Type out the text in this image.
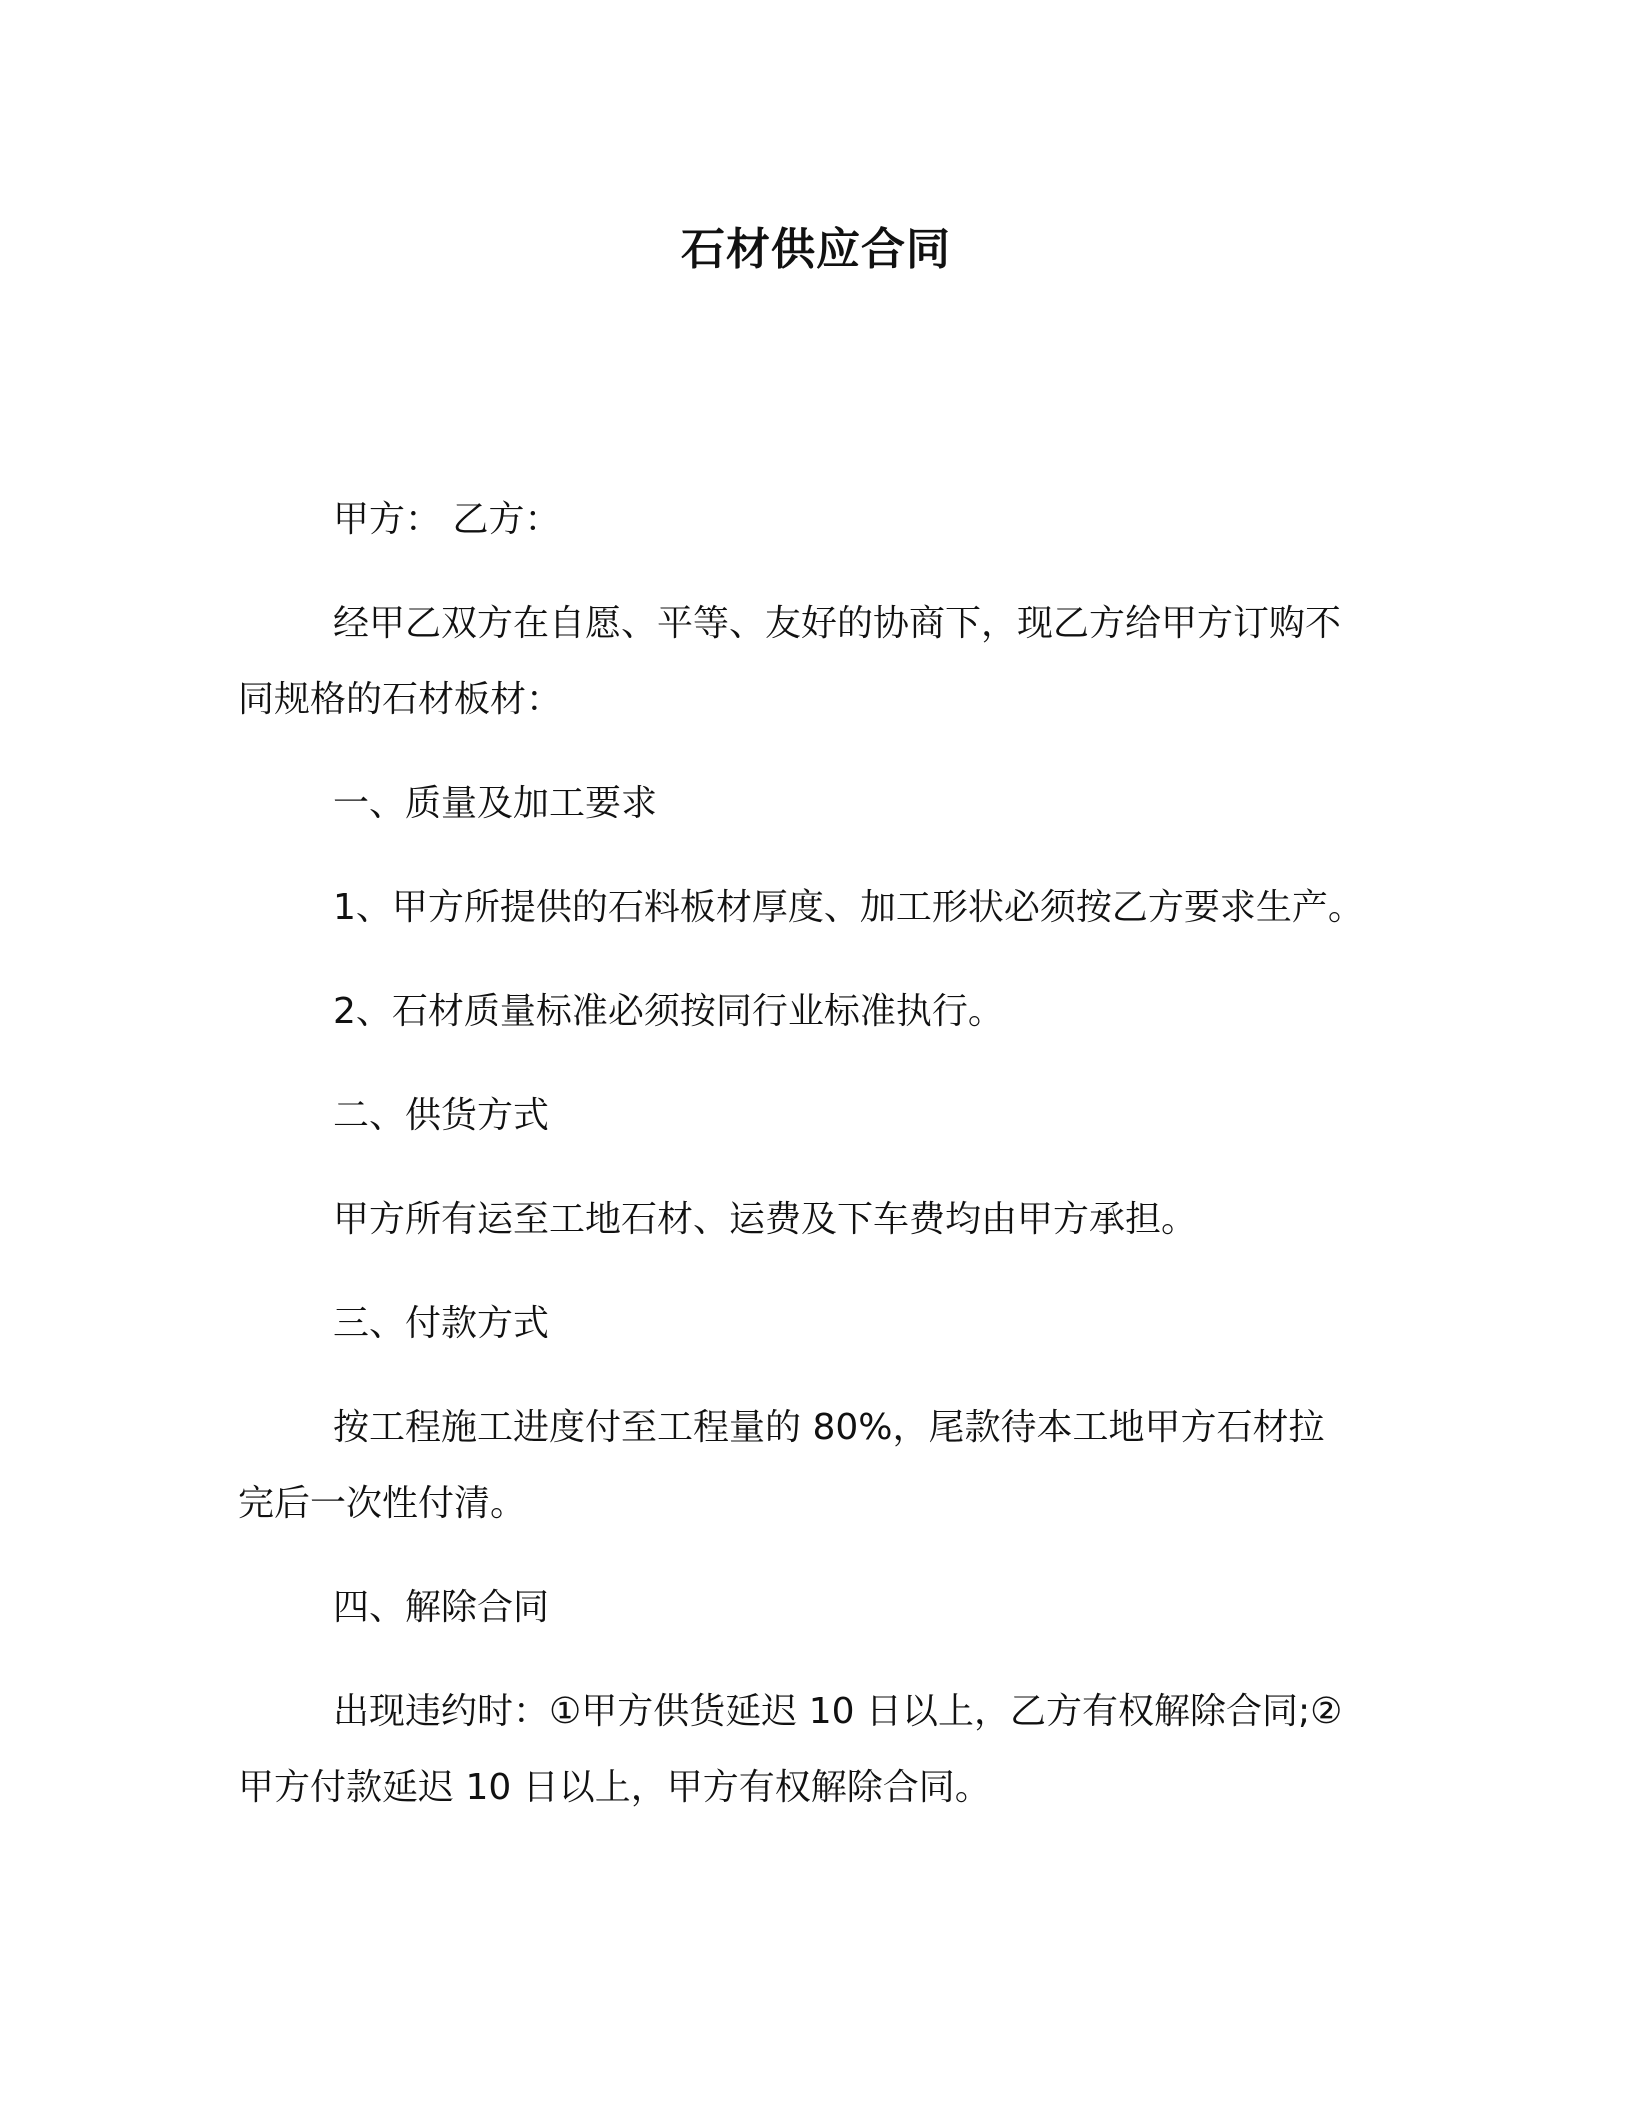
石材供应合同

甲方： 乙方：

经甲乙双方在自愿、平等、友好的协商下，现乙方给甲方订购不

同规格的石材板材：

一、质量及加工要求

1、甲方所提供的石料板材厚度、加工形状必须按乙方要求生产。

2、石材质量标准必须按同行业标准执行。

二、供货方式

甲方所有运至工地石材、运费及下车费均由甲方承担。

三、付款方式

按工程施工进度付至工程量的 80%，尾款待本工地甲方石材拉

完后一次性付清。

四、解除合同

出现违约时：①甲方供货延迟 10 日以上，乙方有权解除合同;②

甲方付款延迟 10 日以上，甲方有权解除合同。
